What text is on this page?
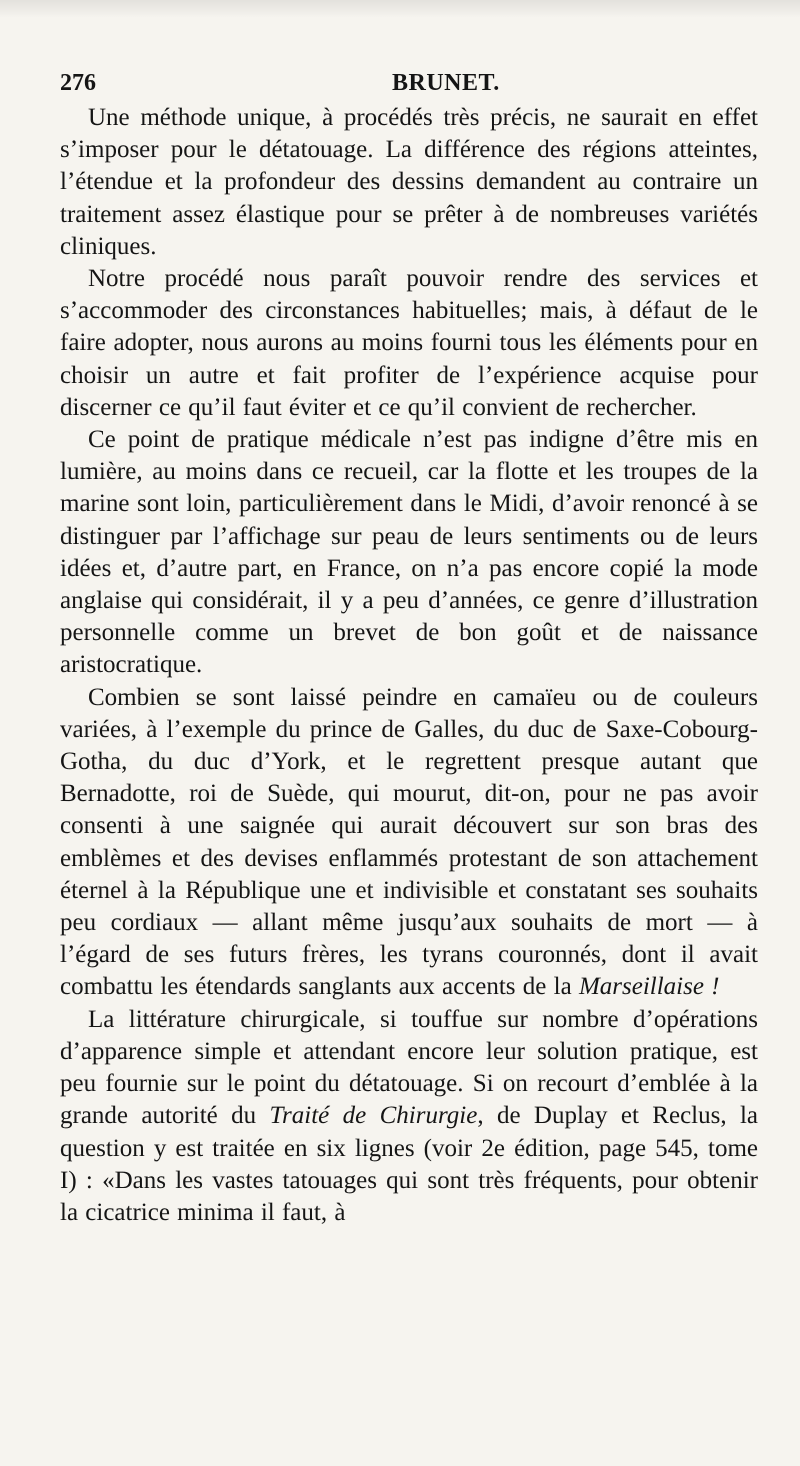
276	BRUNET.

Une méthode unique, à procédés très précis, ne saurait en effet s’imposer pour le détatouage. La différence des régions atteintes, l’étendue et la profondeur des dessins demandent au contraire un traitement assez élastique pour se prêter à de nombreuses variétés cliniques.

Notre procédé nous paraît pouvoir rendre des services et s’accommoder des circonstances habituelles; mais, à défaut de le faire adopter, nous aurons au moins fourni tous les éléments pour en choisir un autre et fait profiter de l’expérience acquise pour discerner ce qu’il faut éviter et ce qu’il convient de rechercher.

Ce point de pratique médicale n’est pas indigne d’être mis en lumière, au moins dans ce recueil, car la flotte et les troupes de la marine sont loin, particulièrement dans le Midi, d’avoir renoncé à se distinguer par l’affichage sur peau de leurs sentiments ou de leurs idées et, d’autre part, en France, on n’a pas encore copié la mode anglaise qui considérait, il y a peu d’années, ce genre d’illustration personnelle comme un brevet de bon goût et de naissance aristocratique.

Combien se sont laissé peindre en camaïeu ou de couleurs variées, à l’exemple du prince de Galles, du duc de Saxe-Cobourg-Gotha, du duc d’York, et le regrettent presque autant que Bernadotte, roi de Suède, qui mourut, dit-on, pour ne pas avoir consenti à une saignée qui aurait découvert sur son bras des emblèmes et des devises enflammés protestant de son attachement éternel à la République une et indivisible et constatant ses souhaits peu cordiaux — allant même jusqu’aux souhaits de mort — à l’égard de ses futurs frères, les tyrans couronnés, dont il avait combattu les étendards sanglants aux accents de la Marseillaise !

La littérature chirurgicale, si touffue sur nombre d’opérations d’apparence simple et attendant encore leur solution pratique, est peu fournie sur le point du détatouage. Si on recourt d’emblée à la grande autorité du Traité de Chirurgie, de Duplay et Reclus, la question y est traitée en six lignes (voir 2e édition, page 545, tome I) : «Dans les vastes tatouages qui sont très fréquents, pour obtenir la cicatrice minima il faut, à
